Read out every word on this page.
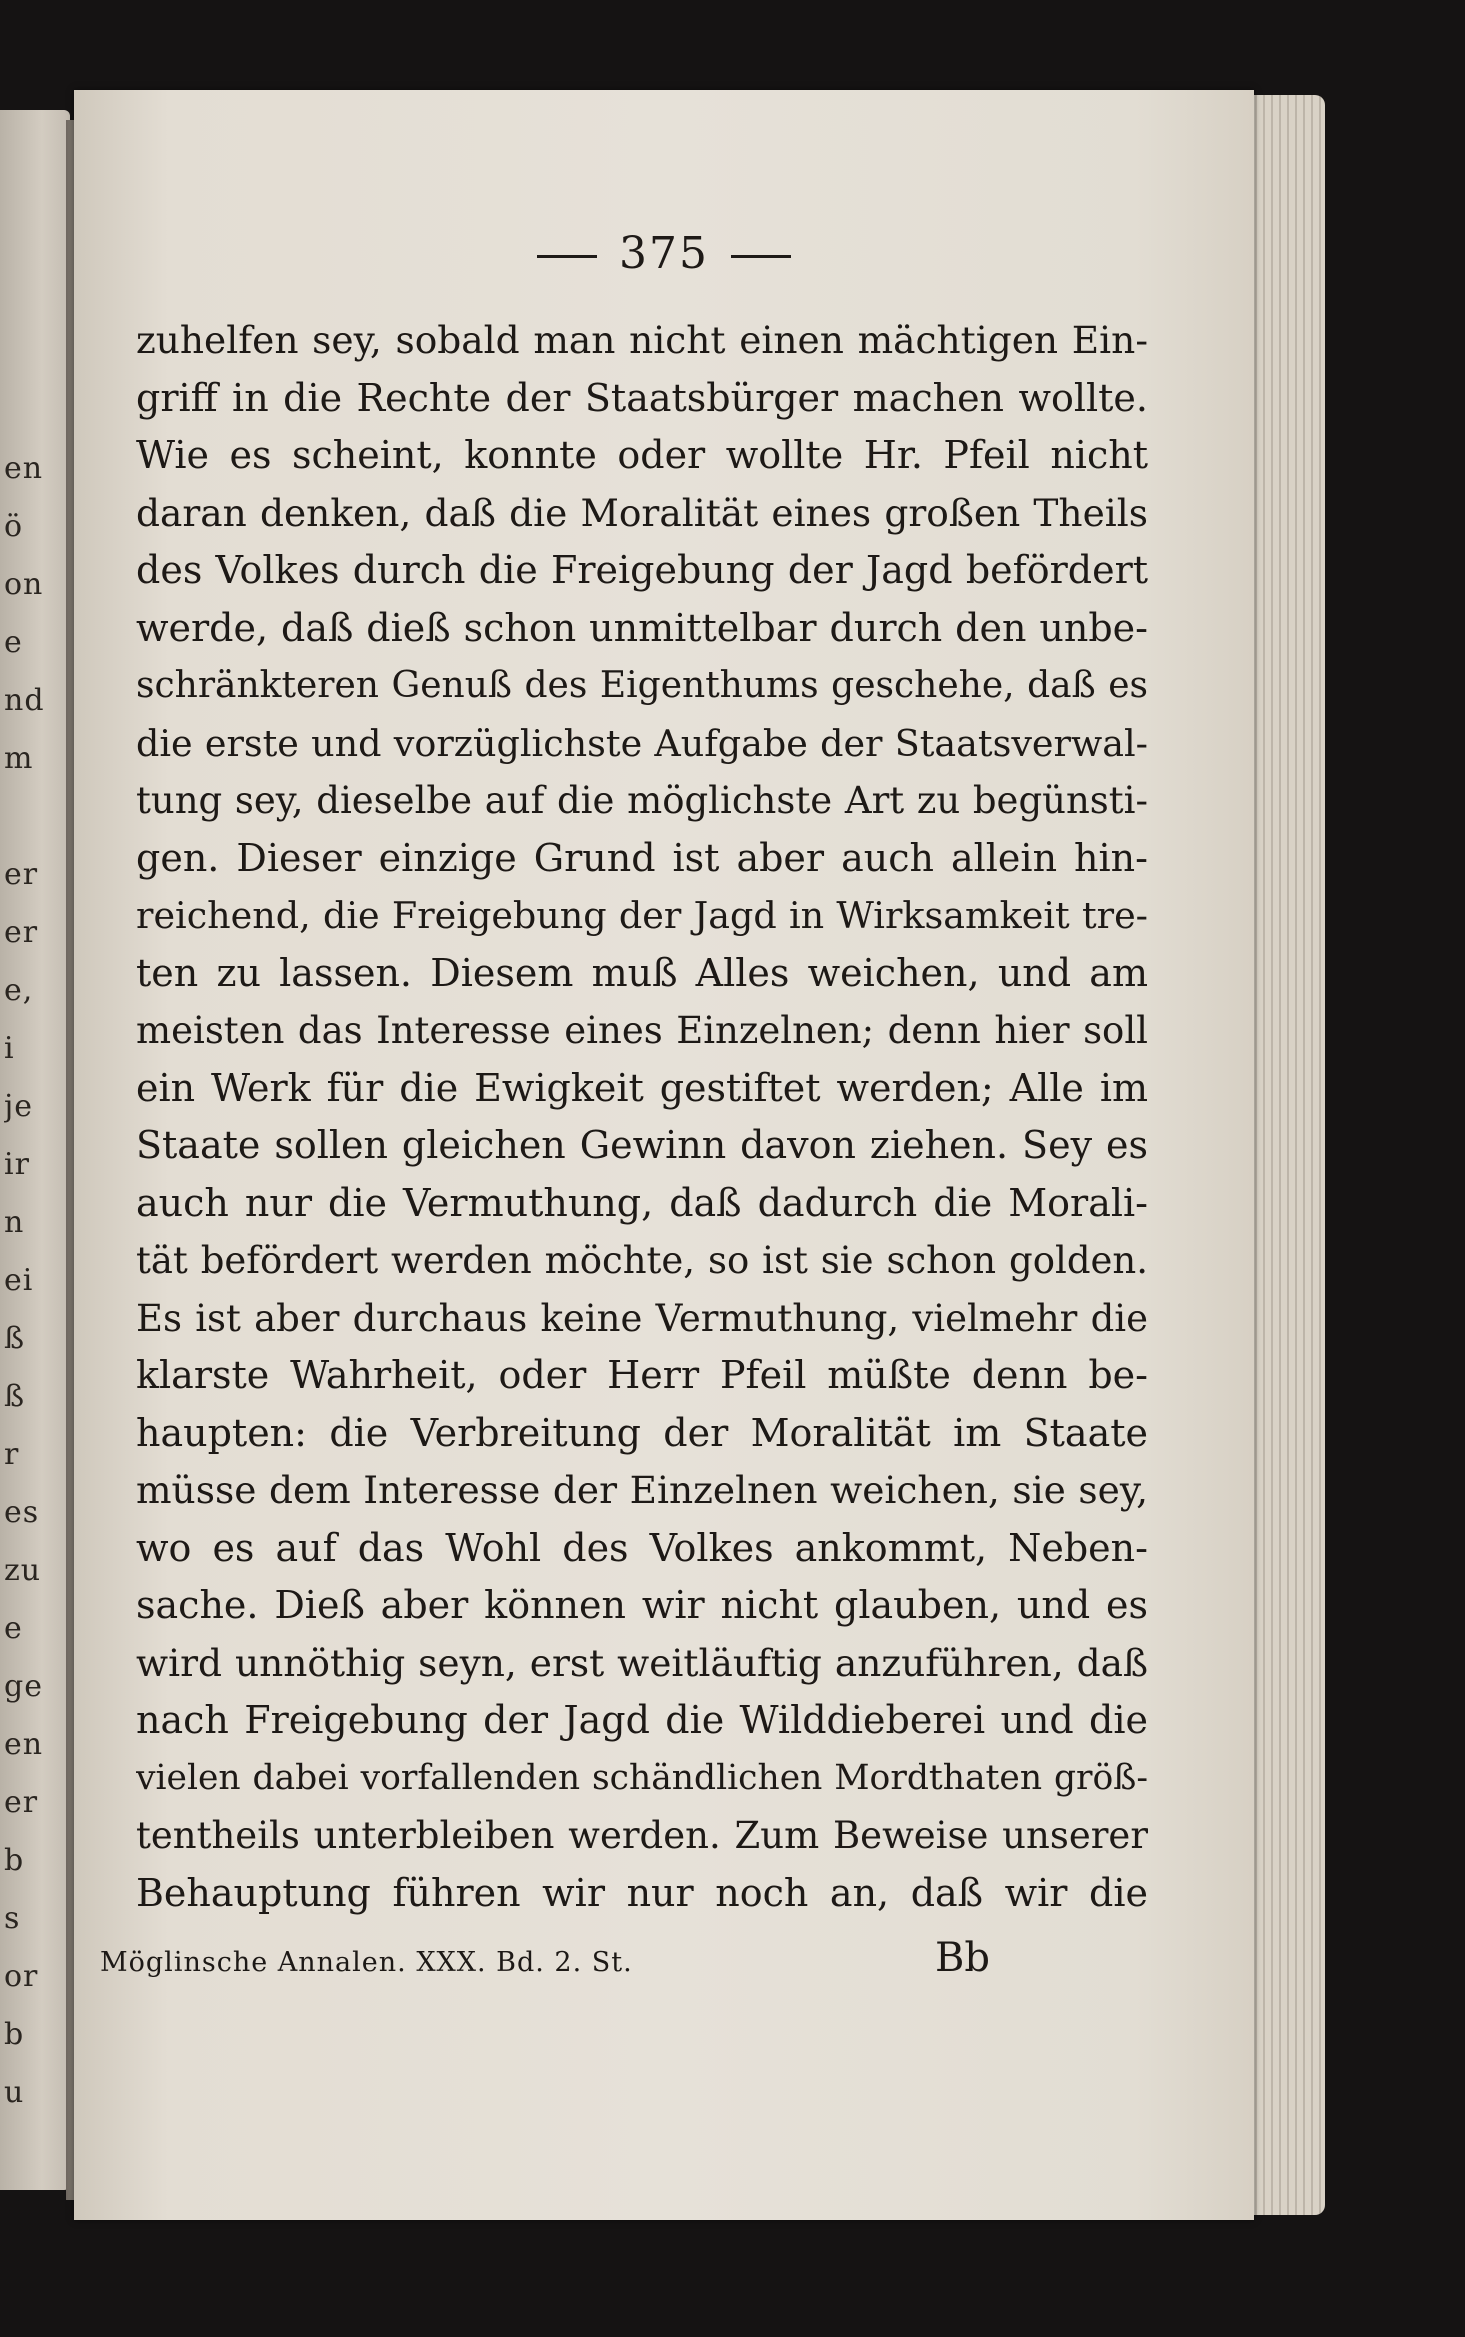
en
ö
on
e
nd
m
er
er
e,
i
je
ir
n
ei
ß
ß
r
es
zu
e
ge
en
er
b
s
or
b
u
375
zuhelfen sey, sobald man nicht einen mächtigen Ein-
griff in die Rechte der Staatsbürger machen wollte.
Wie es scheint, konnte oder wollte Hr. Pfeil nicht
daran denken, daß die Moralität eines großen Theils
des Volkes durch die Freigebung der Jagd befördert
werde, daß dieß schon unmittelbar durch den unbe-
schränkteren Genuß des Eigenthums geschehe, daß es
die erste und vorzüglichste Aufgabe der Staatsverwal-
tung sey, dieselbe auf die möglichste Art zu begünsti-
gen. Dieser einzige Grund ist aber auch allein hin-
reichend, die Freigebung der Jagd in Wirksamkeit tre-
ten zu lassen. Diesem muß Alles weichen, und am
meisten das Interesse eines Einzelnen; denn hier soll
ein Werk für die Ewigkeit gestiftet werden; Alle im
Staate sollen gleichen Gewinn davon ziehen. Sey es
auch nur die Vermuthung, daß dadurch die Morali-
tät befördert werden möchte, so ist sie schon golden.
Es ist aber durchaus keine Vermuthung, vielmehr die
klarste Wahrheit, oder Herr Pfeil müßte denn be-
haupten: die Verbreitung der Moralität im Staate
müsse dem Interesse der Einzelnen weichen, sie sey,
wo es auf das Wohl des Volkes ankommt, Neben-
sache. Dieß aber können wir nicht glauben, und es
wird unnöthig seyn, erst weitläuftig anzuführen, daß
nach Freigebung der Jagd die Wilddieberei und die
vielen dabei vorfallenden schändlichen Mordthaten größ-
tentheils unterbleiben werden. Zum Beweise unserer
Behauptung führen wir nur noch an, daß wir die
Möglinsche Annalen. XXX. Bd. 2. St.	Bb
